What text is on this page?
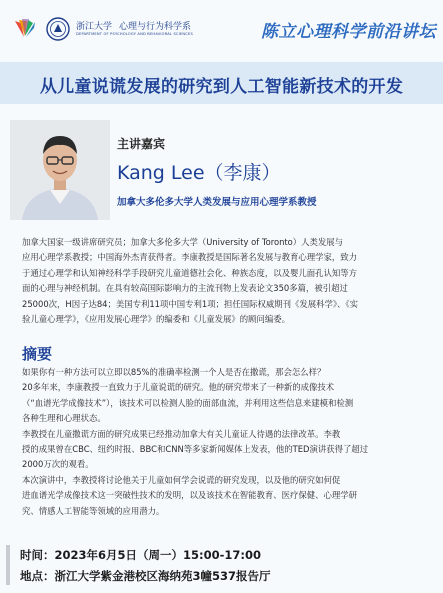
浙江大学 心理与行为科学系
DEPARTMENT OF PSYCHOLOGY AND BEHAVIORAL SCIENCES	陈立心理科学前沿讲坛
从儿童说谎发展的研究到人工智能新技术的开发
主讲嘉宾
Kang Lee（李康）
加拿大多伦多大学人类发展与应用心理学系教授
加拿大国家一级讲席研究员；加拿大多伦多大学（University of Toronto）人类发展与
应用心理学系教授；中国海外杰青获得者。李康教授是国际著名发展与教育心理学家，致力
于通过心理学和认知神经科学手段研究儿童道德社会化、种族态度，以及婴儿面孔认知等方
面的心理与神经机制。在具有较高国际影响力的主流刊物上发表论文350多篇，被引超过
25000次，H因子达84；美国专利11项中国专利1项；担任国际权威期刊《发展科学》、《实
验儿童心理学》，《应用发展心理学》的编委和《儿童发展》的顾问编委。
摘要
如果你有一种方法可以立即以85%的准确率检测一个人是否在撒谎，那会怎么样？
20多年来，李康教授一直致力于儿童说谎的研究。他的研究带来了一种新的成像技术
（“血谱光学成像技术”），该技术可以检测人脸的面部血流，并利用这些信息来建模和检测
各种生理和心理状态。
李教授在儿童撒谎方面的研究成果已经推动加拿大有关儿童证人待遇的法律改革。李教
授的成果曾在CBC、纽约时报、BBC和CNN等多家新闻媒体上发表，他的TED演讲获得了超过
2000万次的观看。
本次演讲中，李教授将讨论他关于儿童如何学会说谎的研究发现，以及他的研究如何促
进血谱光学成像技术这一突破性技术的发明，以及该技术在智能教育、医疗保健、心理学研
究、情感人工智能等领域的应用潜力。
时间：2023年6月5日（周一）15:00-17:00
地点：浙江大学紫金港校区海纳苑3幢537报告厅
